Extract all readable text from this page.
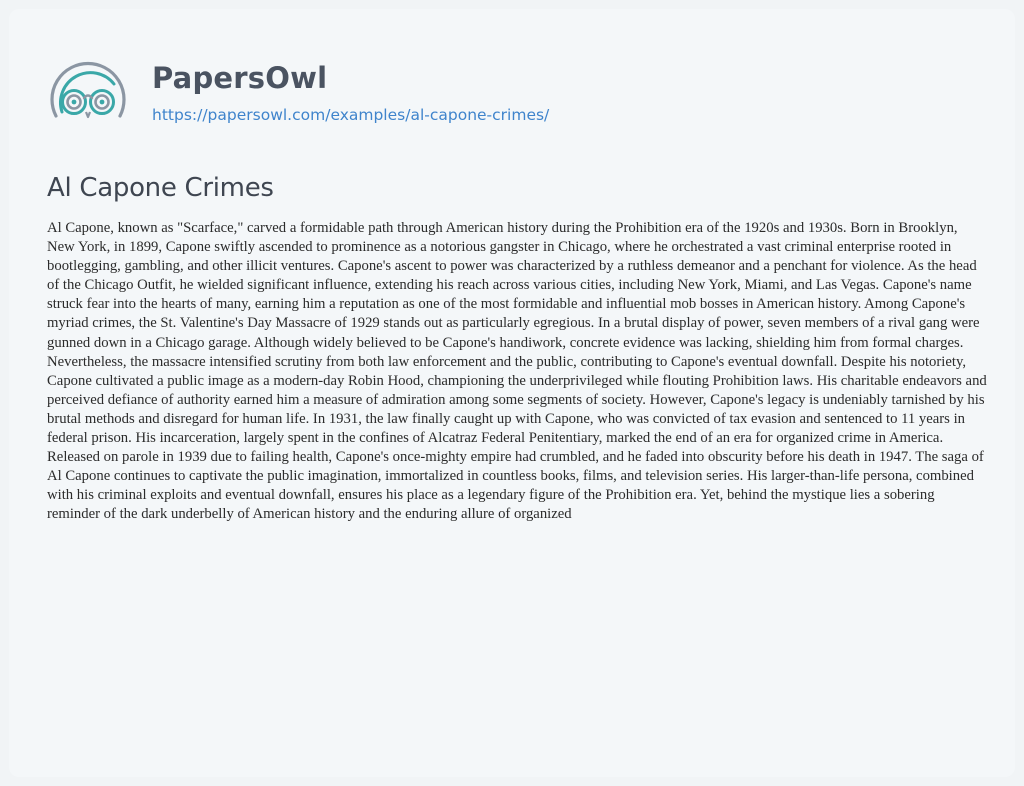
PapersOwl
https://papersowl.com/examples/al-capone-crimes/
Al Capone Crimes

Al Capone, known as "Scarface," carved a formidable path through American history during the Prohibition era of the 1920s and 1930s. Born in Brooklyn, New York, in 1899, Capone swiftly ascended to prominence as a notorious gangster in Chicago, where he orchestrated a vast criminal enterprise rooted in bootlegging, gambling, and other illicit ventures. Capone's ascent to power was characterized by a ruthless demeanor and a penchant for violence. As the head of the Chicago Outfit, he wielded significant influence, extending his reach across various cities, including New York, Miami, and Las Vegas. Capone's name struck fear into the hearts of many, earning him a reputation as one of the most formidable and influential mob bosses in American history. Among Capone's myriad crimes, the St. Valentine's Day Massacre of 1929 stands out as particularly egregious. In a brutal display of power, seven members of a rival gang were gunned down in a Chicago garage. Although widely believed to be Capone's handiwork, concrete evidence was lacking, shielding him from formal charges. Nevertheless, the massacre intensified scrutiny from both law enforcement and the public, contributing to Capone's eventual downfall. Despite his notoriety, Capone cultivated a public image as a modern-day Robin Hood, championing the underprivileged while flouting Prohibition laws. His charitable endeavors and perceived defiance of authority earned him a measure of admiration among some segments of society. However, Capone's legacy is undeniably tarnished by his brutal methods and disregard for human life. In 1931, the law finally caught up with Capone, who was convicted of tax evasion and sentenced to 11 years in federal prison. His incarceration, largely spent in the confines of Alcatraz Federal Penitentiary, marked the end of an era for organized crime in America. Released on parole in 1939 due to failing health, Capone's once-mighty empire had crumbled, and he faded into obscurity before his death in 1947. The saga of Al Capone continues to captivate the public imagination, immortalized in countless books, films, and television series. His larger-than-life persona, combined with his criminal exploits and eventual downfall, ensures his place as a legendary figure of the Prohibition era. Yet, behind the mystique lies a sobering reminder of the dark underbelly of American history and the enduring allure of organized
